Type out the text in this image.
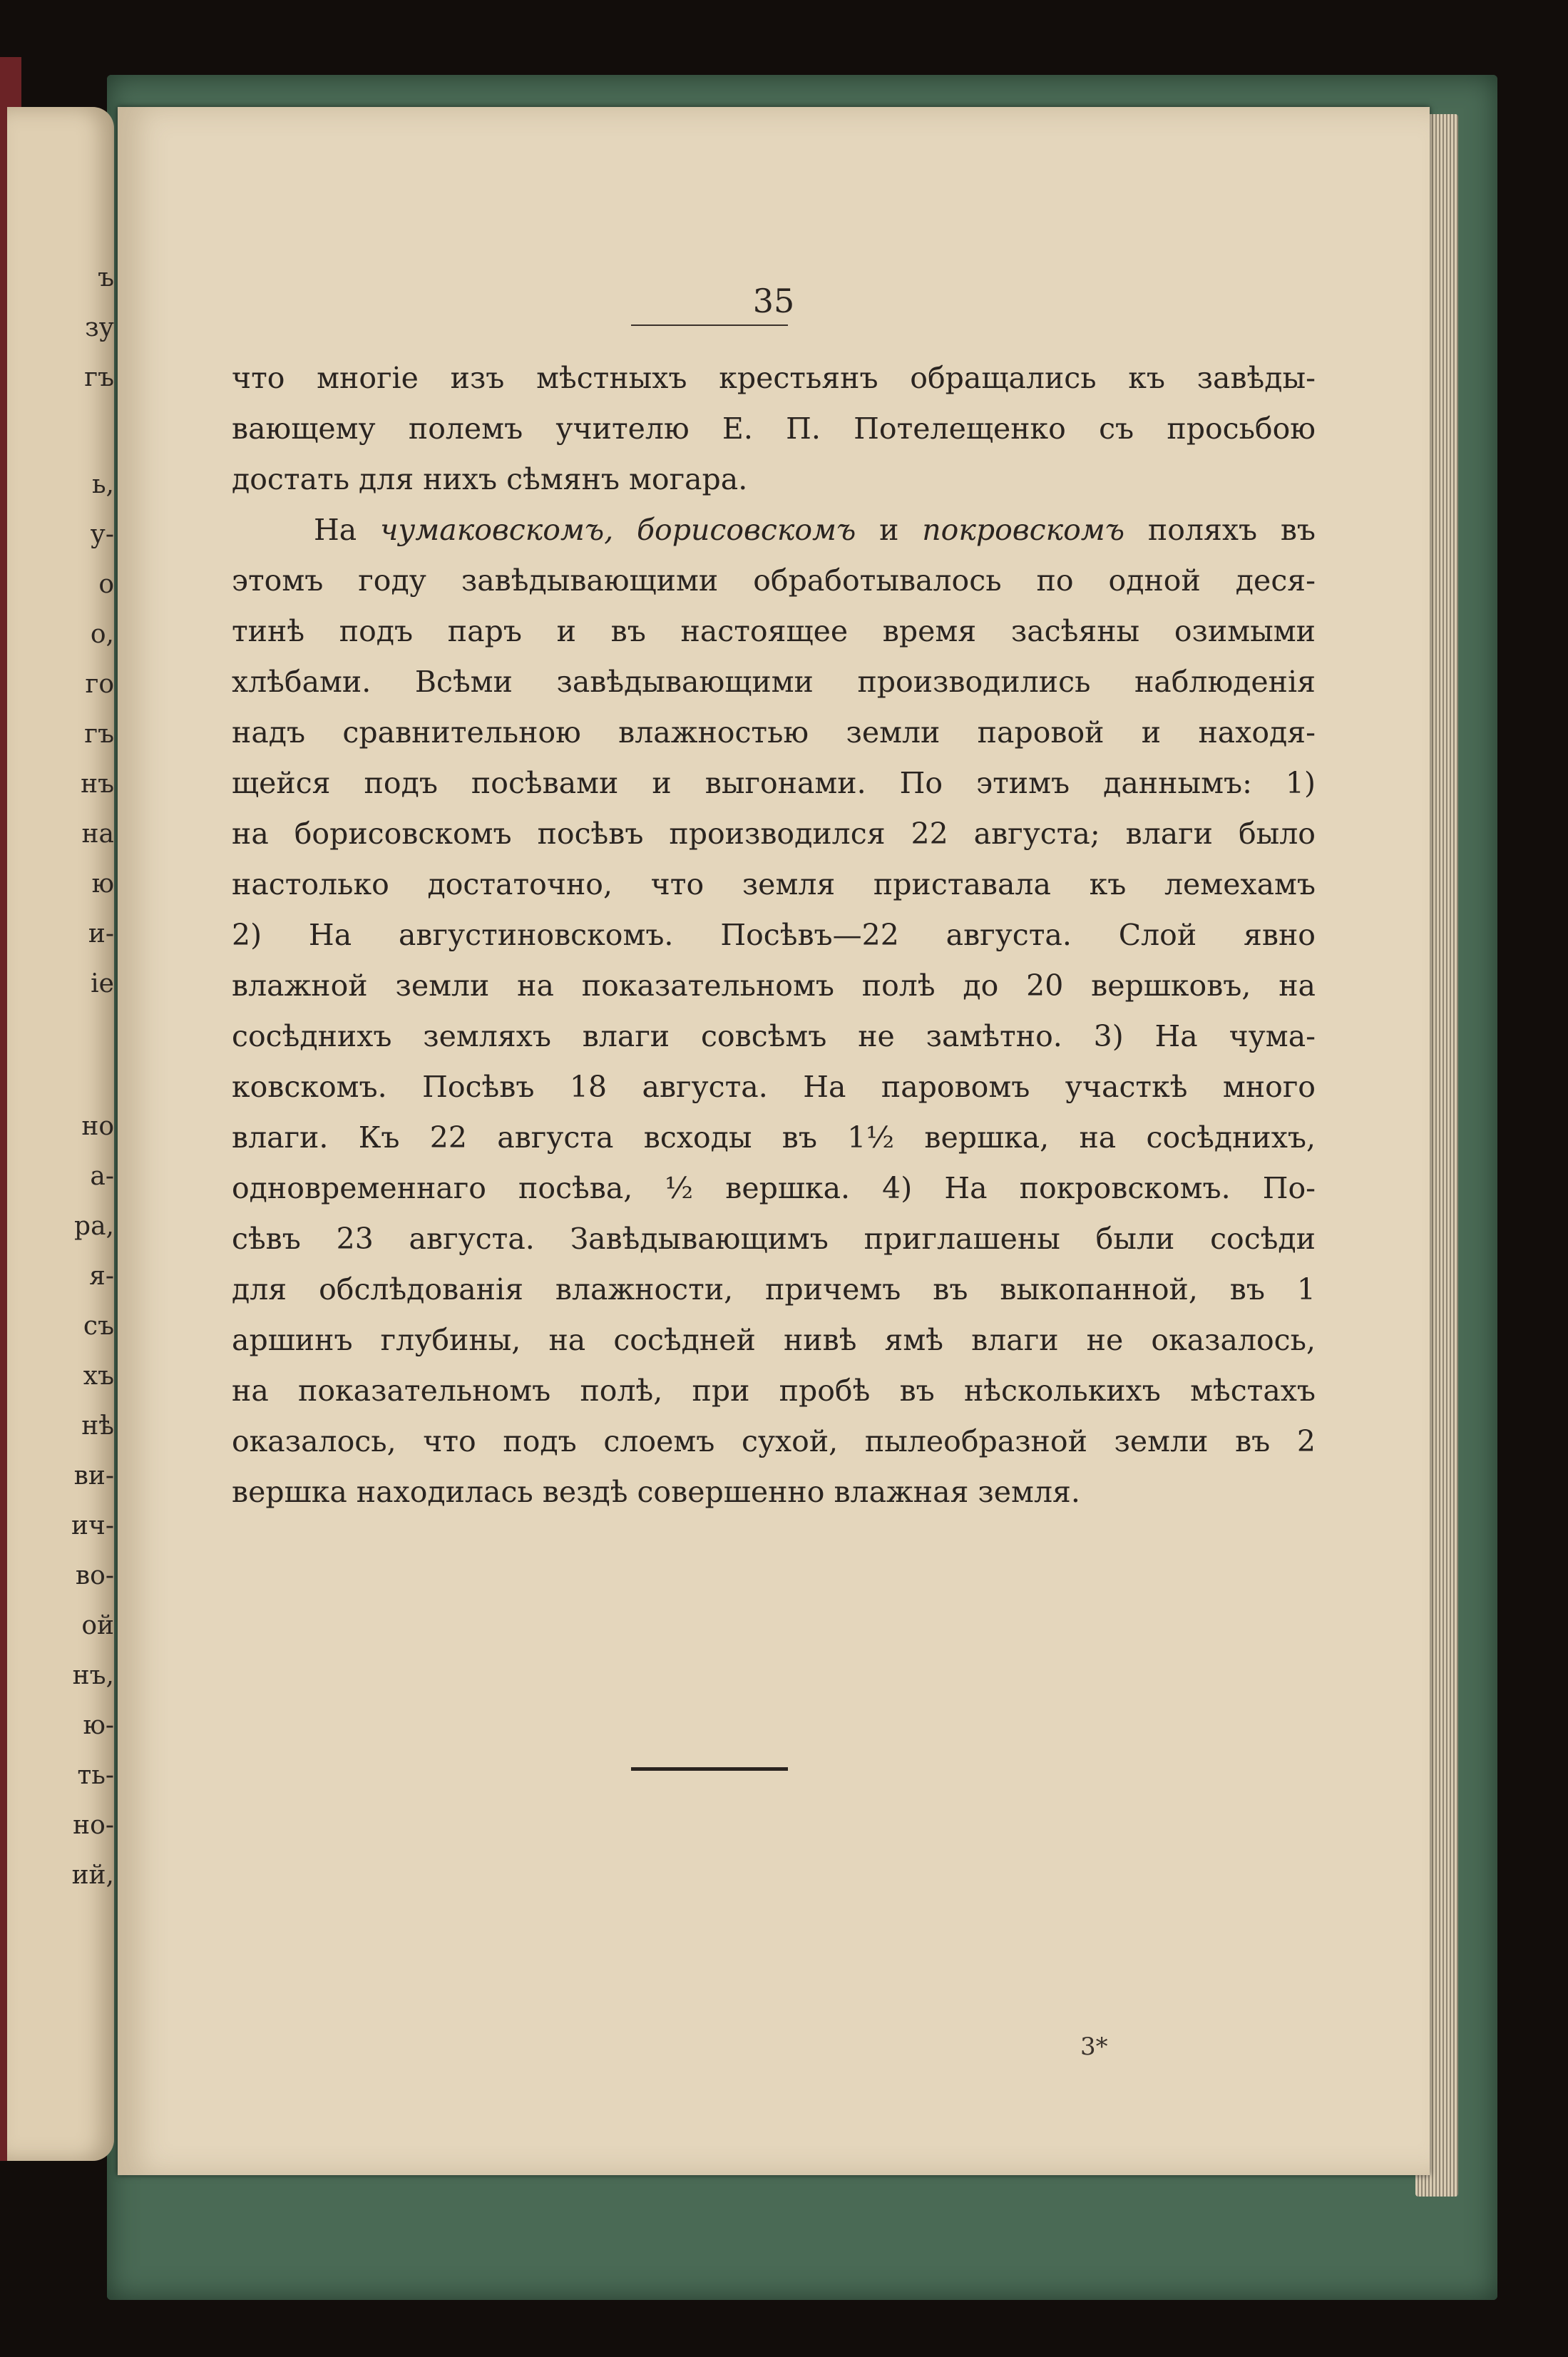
ъ
зу
гъ
ь,
у-
о
о,
го
гъ
нъ
на
ю
и-
iе
но
а-
ра,
я-
съ
хъ
нѣ
ви-
ич-
во-
ой
нъ,
ю-
ть-
но-
ий,
35
что многie изъ мѣстныхъ крестьянъ обращались къ завѣды-
вающему полемъ учителю Е. П. Потелещенко съ просьбою
достать для нихъ сѣмянъ могара.
На чумаковскомъ, борисовскомъ и покровскомъ поляхъ въ
этомъ году завѣдывающими обработывалось по одной деся-
тинѣ подъ паръ и въ настоящее время засѣяны озимыми
хлѣбами. Всѣми завѣдывающими производились наблюденiя
надъ сравнительною влажностью земли паровой и находя-
щейся подъ посѣвами и выгонами. По этимъ даннымъ: 1)
на борисовскомъ посѣвъ производился 22 августа; влаги было
настолько достаточно, что земля приставала къ лемехамъ
2) На августиновскомъ. Посѣвъ—22 августа. Слой явно
влажной земли на показательномъ полѣ до 20 вершковъ, на
сосѣднихъ земляхъ влаги совсѣмъ не замѣтно. 3) На чума-
ковскомъ. Посѣвъ 18 августа. На паровомъ участкѣ много
влаги. Къ 22 августа всходы въ 1½ вершка, на сосѣднихъ,
одновременнаго посѣва, ½ вершка. 4) На покровскомъ. По-
сѣвъ 23 августа. Завѣдывающимъ приглашены были сосѣди
для обслѣдованiя влажности, причемъ въ выкопанной, въ 1
аршинъ глубины, на сосѣдней нивѣ ямѣ влаги не оказалось,
на показательномъ полѣ, при пробѣ въ нѣсколькихъ мѣстахъ
оказалось, что подъ слоемъ сухой, пылеобразной земли въ 2
вершка находилась вездѣ совершенно влажная земля.
3*
